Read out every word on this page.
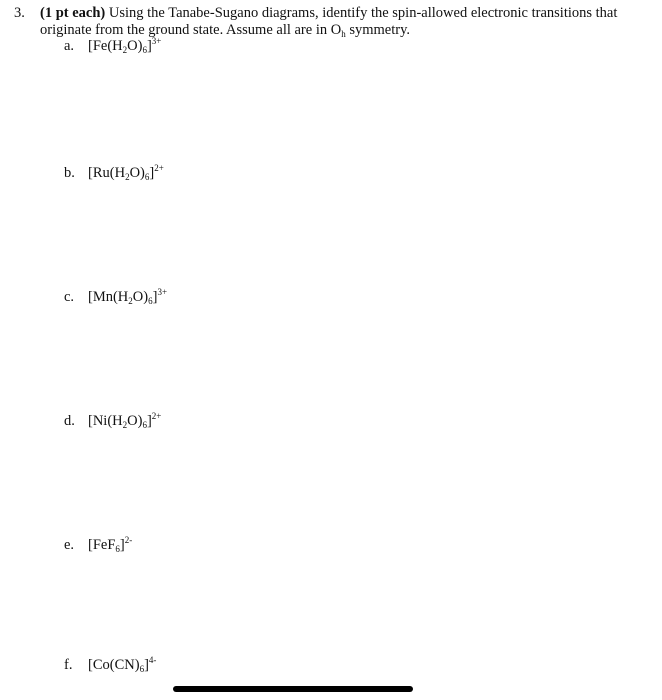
3. (1 pt each) Using the Tanabe-Sugano diagrams, identify the spin-allowed electronic transitions that originate from the ground state. Assume all are in $O_h$ symmetry.
a. $[Fe(H_2O)_6]^{3+}$
b. $[Ru(H_2O)_6]^{2+}$
c. $[Mn(H_2O)_6]^{3+}$
d. $[Ni(H_2O)_6]^{2+}$
e. $[FeF_6]^{2-}$
f. $[Co(CN)_6]^{4-}$
